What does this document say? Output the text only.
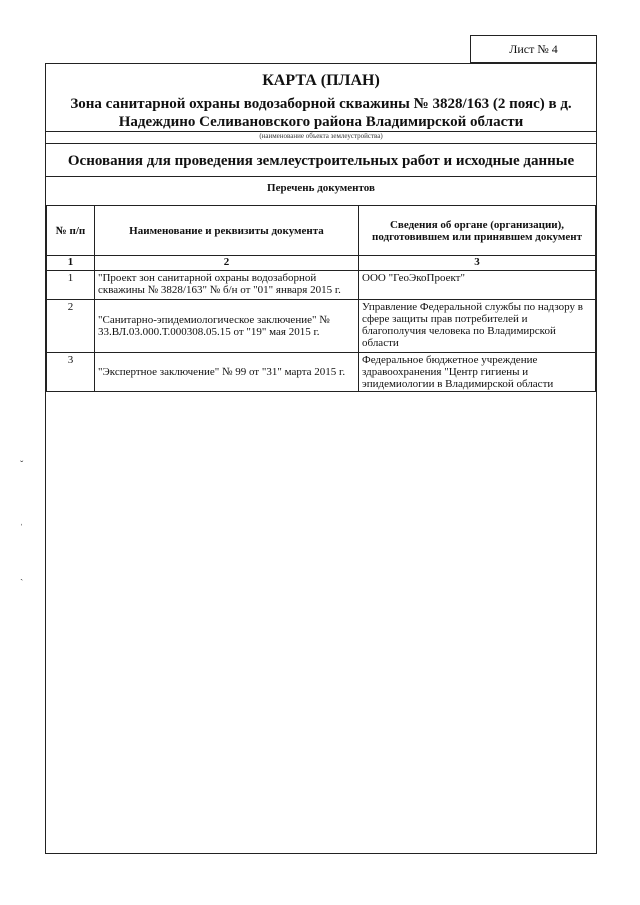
Лист № 4
КАРТА (ПЛАН)
Зона санитарной охраны водозаборной скважины № 3828/163 (2 пояс) в д.
Надеждино Селивановского района Владимирской области
(наименование объекта землеустройства)
Основания для проведения землеустроительных работ и исходные данные
Перечень документов
№ п/п	Наименование и реквизиты документа	Сведения об органе (организации), подготовившем или принявшем документ
1	2	3
1	"Проект зон санитарной охраны водозаборной скважины № 3828/163" № б/н от "01" января 2015 г.	ООО "ГеоЭкоПроект"
2	"Санитарно-эпидемиологическое заключение" № 33.ВЛ.03.000.Т.000308.05.15 от "19" мая 2015 г.	Управление Федеральной службы по надзору в сфере защиты прав потребителей и благополучия человека по Владимирской области
3	"Экспертное заключение" № 99 от "31" марта 2015 г.	Федеральное бюджетное учреждение здравоохранения "Центр гигиены и эпидемиологии в Владимирской области
ˇ
ˌ
ˎ
